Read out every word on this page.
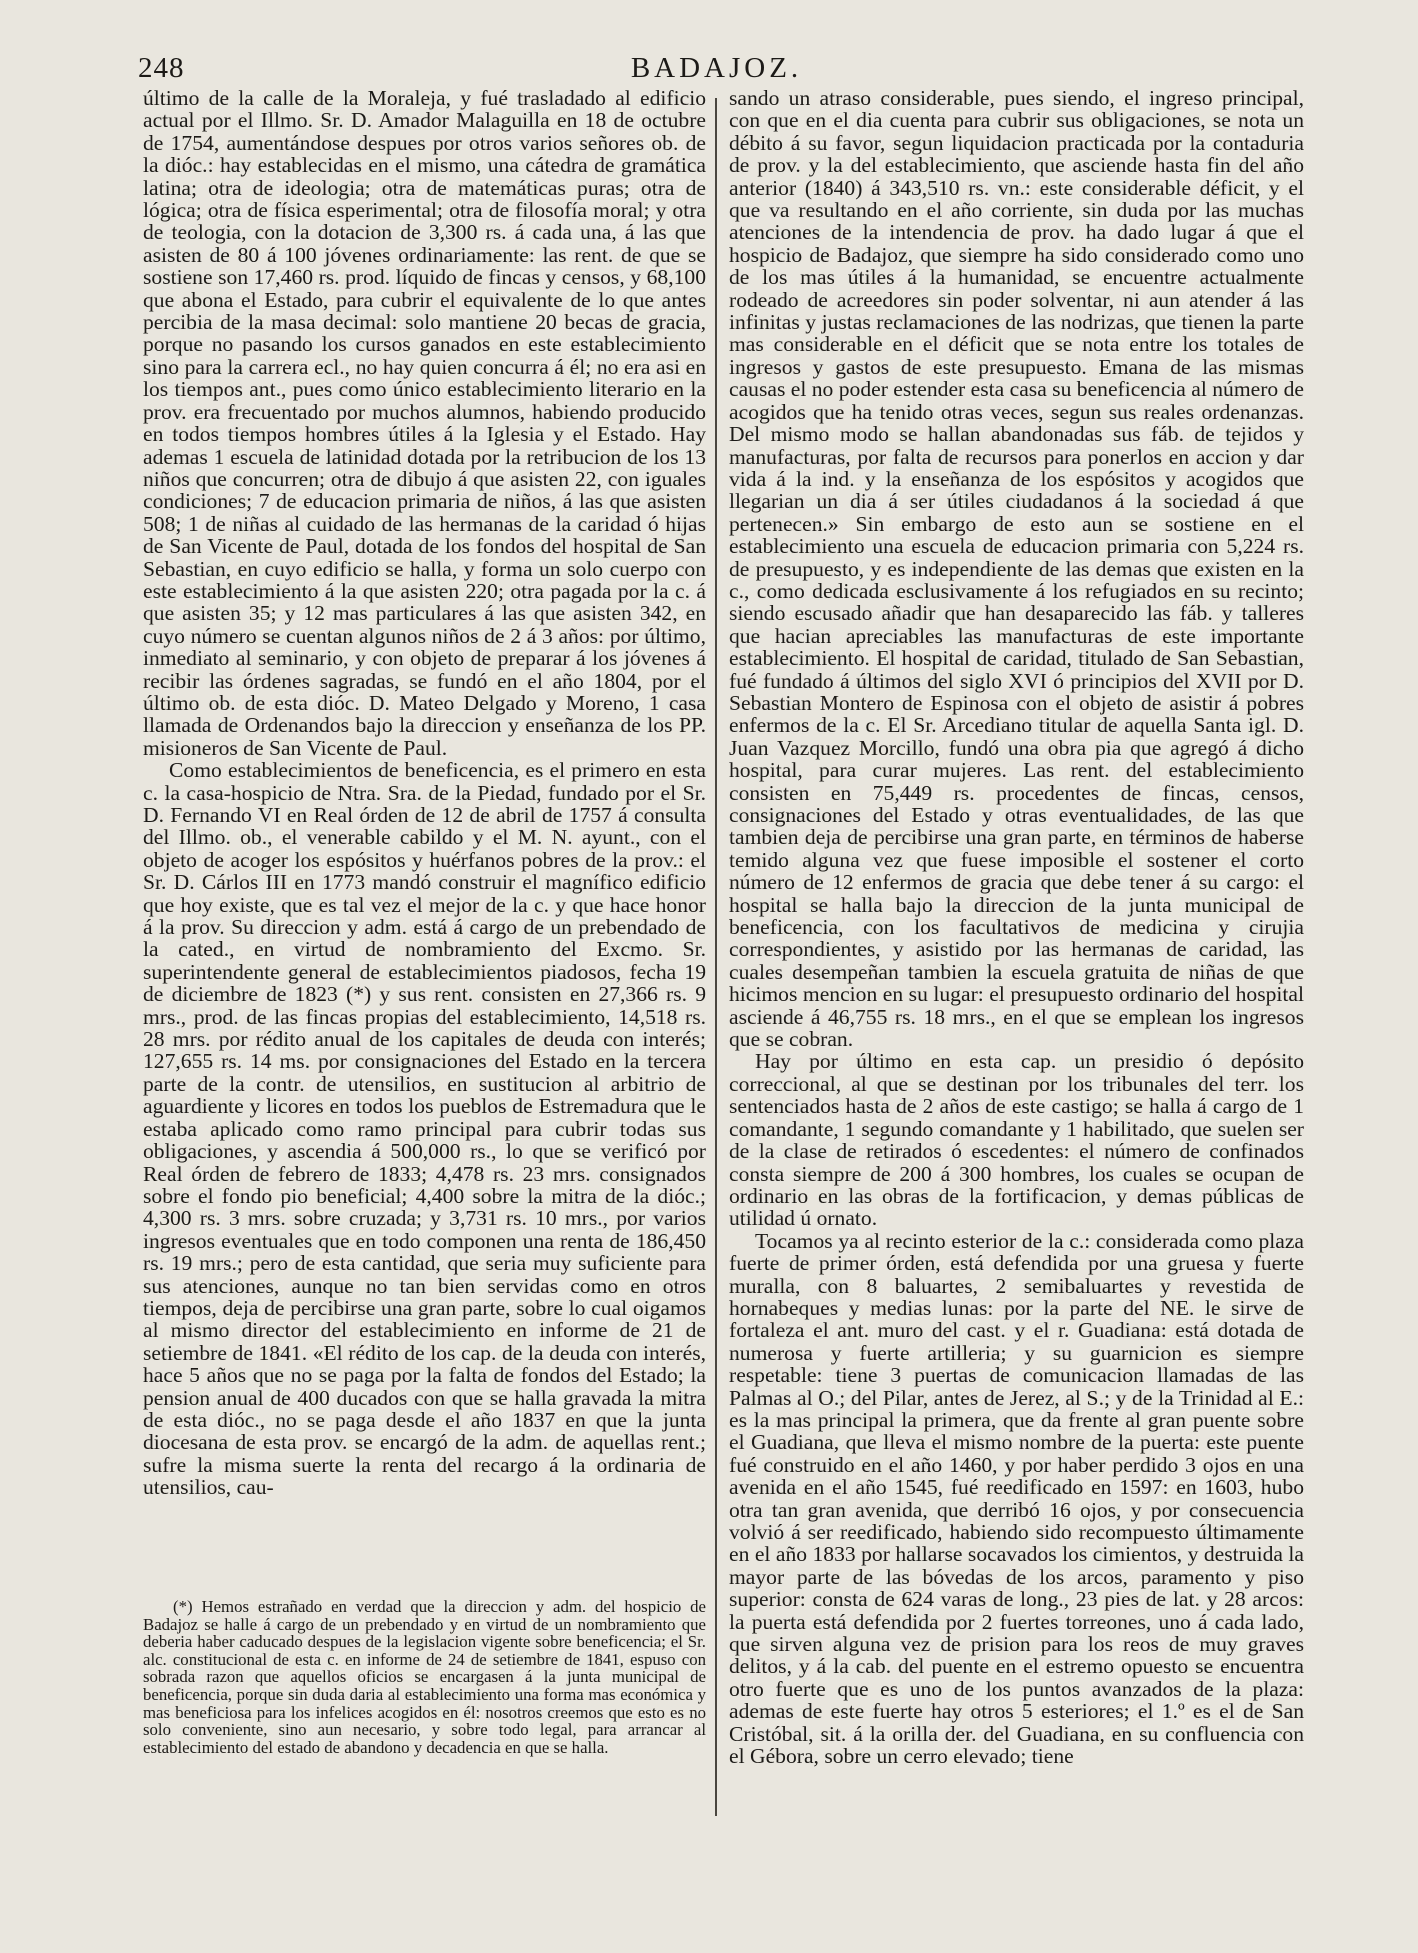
248	BADAJOZ.

último de la calle de la Moraleja, y fué trasladado al edificio actual por el Illmo. Sr. D. Amador Malaguilla en 18 de octubre de 1754, aumentándose despues por otros varios señores ob. de la dióc.: hay establecidas en el mismo, una cátedra de gramática latina; otra de ideologia; otra de matemáticas puras; otra de lógica; otra de física esperimental; otra de filosofía moral; y otra de teologia, con la dotacion de 3,300 rs. á cada una, á las que asisten de 80 á 100 jóvenes ordinariamente: las rent. de que se sostiene son 17,460 rs. prod. líquido de fincas y censos, y 68,100 que abona el Estado, para cubrir el equivalente de lo que antes percibia de la masa decimal: solo mantiene 20 becas de gracia, porque no pasando los cursos ganados en este establecimiento sino para la carrera ecl., no hay quien concurra á él; no era asi en los tiempos ant., pues como único establecimiento literario en la prov. era frecuentado por muchos alumnos, habiendo producido en todos tiempos hombres útiles á la Iglesia y el Estado. Hay ademas 1 escuela de latinidad dotada por la retribucion de los 13 niños que concurren; otra de dibujo á que asisten 22, con iguales condiciones; 7 de educacion primaria de niños, á las que asisten 508; 1 de niñas al cuidado de las hermanas de la caridad ó hijas de San Vicente de Paul, dotada de los fondos del hospital de San Sebastian, en cuyo edificio se halla, y forma un solo cuerpo con este establecimiento á la que asisten 220; otra pagada por la c. á que asisten 35; y 12 mas particulares á las que asisten 342, en cuyo número se cuentan algunos niños de 2 á 3 años: por último, inmediato al seminario, y con objeto de preparar á los jóvenes á recibir las órdenes sagradas, se fundó en el año 1804, por el último ob. de esta dióc. D. Mateo Delgado y Moreno, 1 casa llamada de Ordenandos bajo la direccion y enseñanza de los PP. misioneros de San Vicente de Paul.

Como establecimientos de beneficencia, es el primero en esta c. la casa-hospicio de Ntra. Sra. de la Piedad, fundado por el Sr. D. Fernando VI en Real órden de 12 de abril de 1757 á consulta del Illmo. ob., el venerable cabildo y el M. N. ayunt., con el objeto de acoger los espósitos y huérfanos pobres de la prov.: el Sr. D. Cárlos III en 1773 mandó construir el magnífico edificio que hoy existe, que es tal vez el mejor de la c. y que hace honor á la prov. Su direccion y adm. está á cargo de un prebendado de la cated., en virtud de nombramiento del Excmo. Sr. superintendente general de establecimientos piadosos, fecha 19 de diciembre de 1823 (*) y sus rent. consisten en 27,366 rs. 9 mrs., prod. de las fincas propias del establecimiento, 14,518 rs. 28 mrs. por rédito anual de los capitales de deuda con interés; 127,655 rs. 14 ms. por consignaciones del Estado en la tercera parte de la contr. de utensilios, en sustitucion al arbitrio de aguardiente y licores en todos los pueblos de Estremadura que le estaba aplicado como ramo principal para cubrir todas sus obligaciones, y ascendia á 500,000 rs., lo que se verificó por Real órden de febrero de 1833; 4,478 rs. 23 mrs. consignados sobre el fondo pio beneficial; 4,400 sobre la mitra de la dióc.; 4,300 rs. 3 mrs. sobre cruzada; y 3,731 rs. 10 mrs., por varios ingresos eventuales que en todo componen una renta de 186,450 rs. 19 mrs.; pero de esta cantidad, que seria muy suficiente para sus atenciones, aunque no tan bien servidas como en otros tiempos, deja de percibirse una gran parte, sobre lo cual oigamos al mismo director del establecimiento en informe de 21 de setiembre de 1841. «El rédito de los cap. de la deuda con interés, hace 5 años que no se paga por la falta de fondos del Estado; la pension anual de 400 ducados con que se halla gravada la mitra de esta dióc., no se paga desde el año 1837 en que la junta diocesana de esta prov. se encargó de la adm. de aquellas rent.; sufre la misma suerte la renta del recargo á la ordinaria de utensilios, cau-

sando un atraso considerable, pues siendo, el ingreso principal, con que en el dia cuenta para cubrir sus obligaciones, se nota un débito á su favor, segun liquidacion practicada por la contaduria de prov. y la del establecimiento, que asciende hasta fin del año anterior (1840) á 343,510 rs. vn.: este considerable déficit, y el que va resultando en el año corriente, sin duda por las muchas atenciones de la intendencia de prov. ha dado lugar á que el hospicio de Badajoz, que siempre ha sido considerado como uno de los mas útiles á la humanidad, se encuentre actualmente rodeado de acreedores sin poder solventar, ni aun atender á las infinitas y justas reclamaciones de las nodrizas, que tienen la parte mas considerable en el déficit que se nota entre los totales de ingresos y gastos de este presupuesto. Emana de las mismas causas el no poder estender esta casa su beneficencia al número de acogidos que ha tenido otras veces, segun sus reales ordenanzas. Del mismo modo se hallan abandonadas sus fáb. de tejidos y manufacturas, por falta de recursos para ponerlos en accion y dar vida á la ind. y la enseñanza de los espósitos y acogidos que llegarian un dia á ser útiles ciudadanos á la sociedad á que pertenecen.» Sin embargo de esto aun se sostiene en el establecimiento una escuela de educacion primaria con 5,224 rs. de presupuesto, y es independiente de las demas que existen en la c., como dedicada esclusivamente á los refugiados en su recinto; siendo escusado añadir que han desaparecido las fáb. y talleres que hacian apreciables las manufacturas de este importante establecimiento. El hospital de caridad, titulado de San Sebastian, fué fundado á últimos del siglo XVI ó principios del XVII por D. Sebastian Montero de Espinosa con el objeto de asistir á pobres enfermos de la c. El Sr. Arcediano titular de aquella Santa igl. D. Juan Vazquez Morcillo, fundó una obra pia que agregó á dicho hospital, para curar mujeres. Las rent. del establecimiento consisten en 75,449 rs. procedentes de fincas, censos, consignaciones del Estado y otras eventualidades, de las que tambien deja de percibirse una gran parte, en términos de haberse temido alguna vez que fuese imposible el sostener el corto número de 12 enfermos de gracia que debe tener á su cargo: el hospital se halla bajo la direccion de la junta municipal de beneficencia, con los facultativos de medicina y cirujia correspondientes, y asistido por las hermanas de caridad, las cuales desempeñan tambien la escuela gratuita de niñas de que hicimos mencion en su lugar: el presupuesto ordinario del hospital asciende á 46,755 rs. 18 mrs., en el que se emplean los ingresos que se cobran.

Hay por último en esta cap. un presidio ó depósito correccional, al que se destinan por los tribunales del terr. los sentenciados hasta de 2 años de este castigo; se halla á cargo de 1 comandante, 1 segundo comandante y 1 habilitado, que suelen ser de la clase de retirados ó escedentes: el número de confinados consta siempre de 200 á 300 hombres, los cuales se ocupan de ordinario en las obras de la fortificacion, y demas públicas de utilidad ú ornato.

Tocamos ya al recinto esterior de la c.: considerada como plaza fuerte de primer órden, está defendida por una gruesa y fuerte muralla, con 8 baluartes, 2 semibaluartes y revestida de hornabeques y medias lunas: por la parte del NE. le sirve de fortaleza el ant. muro del cast. y el r. Guadiana: está dotada de numerosa y fuerte artilleria; y su guarnicion es siempre respetable: tiene 3 puertas de comunicacion llamadas de las Palmas al O.; del Pilar, antes de Jerez, al S.; y de la Trinidad al E.: es la mas principal la primera, que da frente al gran puente sobre el Guadiana, que lleva el mismo nombre de la puerta: este puente fué construido en el año 1460, y por haber perdido 3 ojos en una avenida en el año 1545, fué reedificado en 1597: en 1603, hubo otra tan gran avenida, que derribó 16 ojos, y por consecuencia volvió á ser reedificado, habiendo sido recompuesto últimamente en el año 1833 por hallarse socavados los cimientos, y destruida la mayor parte de las bóvedas de los arcos, paramento y piso superior: consta de 624 varas de long., 23 pies de lat. y 28 arcos: la puerta está defendida por 2 fuertes torreones, uno á cada lado, que sirven alguna vez de prision para los reos de muy graves delitos, y á la cab. del puente en el estremo opuesto se encuentra otro fuerte que es uno de los puntos avanzados de la plaza: ademas de este fuerte hay otros 5 esteriores; el 1.º es el de San Cristóbal, sit. á la orilla der. del Guadiana, en su confluencia con el Gébora, sobre un cerro elevado; tiene

(*) Hemos estrañado en verdad que la direccion y adm. del hospicio de Badajoz se halle á cargo de un prebendado y en virtud de un nombramiento que deberia haber caducado despues de la legislacion vigente sobre beneficencia; el Sr. alc. constitucional de esta c. en informe de 24 de setiembre de 1841, espuso con sobrada razon que aquellos oficios se encargasen á la junta municipal de beneficencia, porque sin duda daria al establecimiento una forma mas económica y mas beneficiosa para los infelices acogidos en él: nosotros creemos que esto es no solo conveniente, sino aun necesario, y sobre todo legal, para arrancar al establecimiento del estado de abandono y decadencia en que se halla.
